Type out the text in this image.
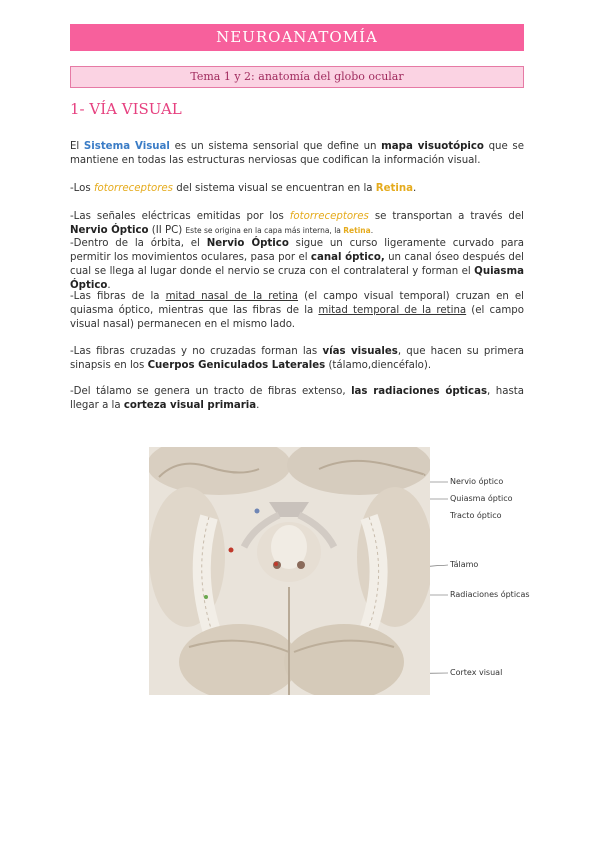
NEUROANATOMÍA
Tema 1 y 2: anatomía del globo ocular
1- VÍA VISUAL
El Sistema Visual es un sistema sensorial que define un mapa visuotópico que se mantiene en todas las estructuras nerviosas que codifican la información visual.
-Los fotorreceptores del sistema visual se encuentran en la Retina.
-Las señales eléctricas emitidas por los fotorreceptores se transportan a través del Nervio Óptico (II PC) Este se origina en la capa más interna, la Retina.
-Dentro de la órbita, el Nervio Óptico sigue un curso ligeramente curvado para permitir los movimientos oculares, pasa por el canal óptico, un canal óseo después del cual se llega al lugar donde el nervio se cruza con el contralateral y forman el Quiasma Óptico.
-Las fibras de la mitad nasal de la retina (el campo visual temporal) cruzan en el quiasma óptico, mientras que las fibras de la mitad temporal de la retina (el campo visual nasal) permanecen en el mismo lado.
-Las fibras cruzadas y no cruzadas forman las vías visuales, que hacen su primera sinapsis en los Cuerpos Geniculados Laterales (tálamo,diencéfalo).
-Del tálamo se genera un tracto de fibras extenso, las radiaciones ópticas, hasta llegar a la corteza visual primaria.
Nervio óptico
Quiasma óptico
Tracto óptico
Tálamo
Radiaciones ópticas
Cortex visual
